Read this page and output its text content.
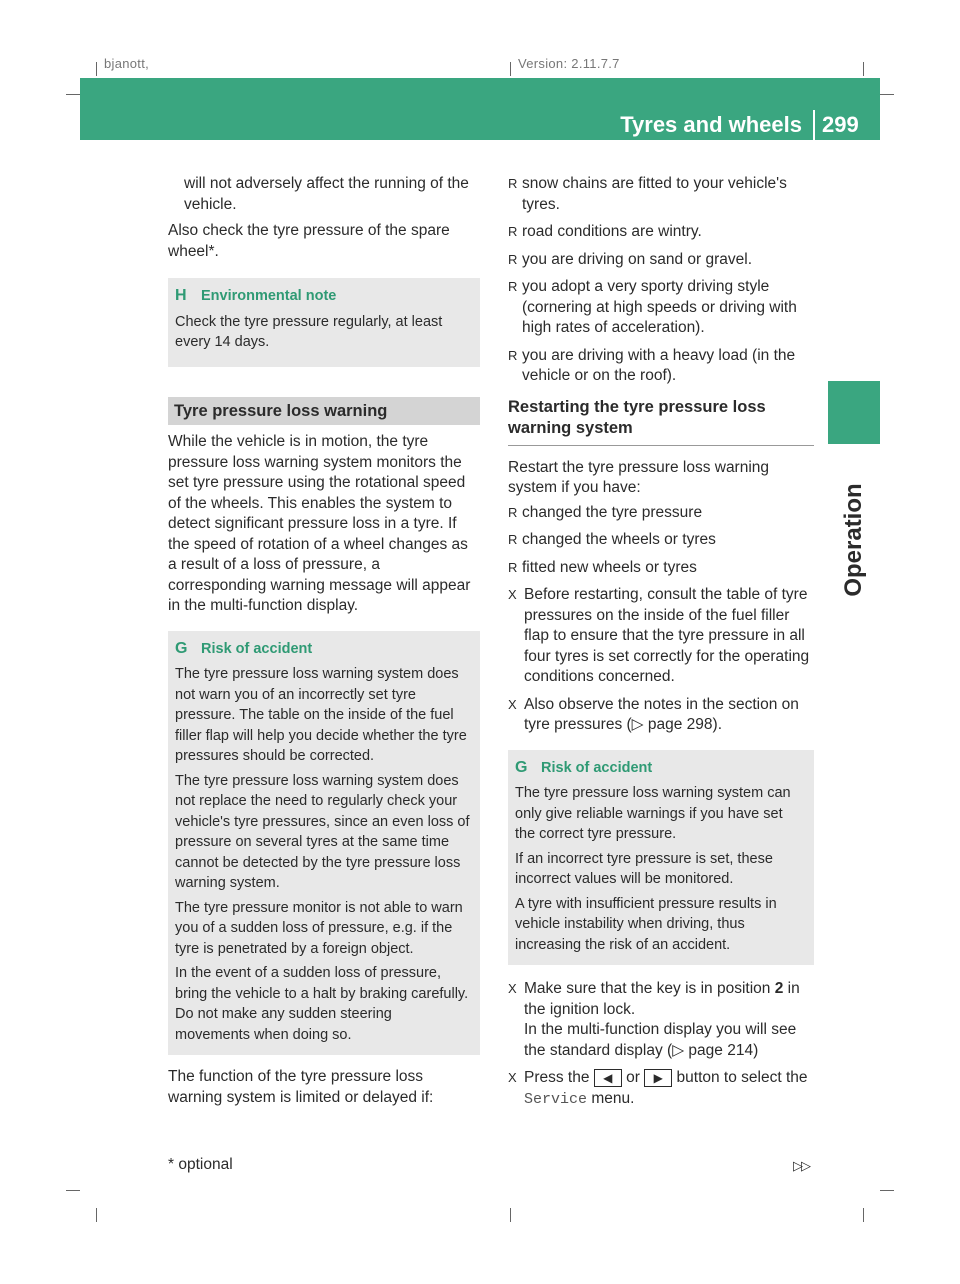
bjanott,	Version: 2.11.7.7
Tyres and wheels 299
Operation

will not adversely affect the running of the vehicle.

Also check the tyre pressure of the spare wheel*.

H Environmental note

Check the tyre pressure regularly, at least every 14 days.

Tyre pressure loss warning

While the vehicle is in motion, the tyre pressure loss warning system monitors the set tyre pressure using the rotational speed of the wheels. This enables the system to detect significant pressure loss in a tyre. If the speed of rotation of a wheel changes as a result of a loss of pressure, a corresponding warning message will appear in the multi-function display.

G Risk of accident

The tyre pressure loss warning system does not warn you of an incorrectly set tyre pressure. The table on the inside of the fuel filler flap will help you decide whether the tyre pressures should be corrected.

The tyre pressure loss warning system does not replace the need to regularly check your vehicle's tyre pressures, since an even loss of pressure on several tyres at the same time cannot be detected by the tyre pressure loss warning system.

The tyre pressure monitor is not able to warn you of a sudden loss of pressure, e.g. if the tyre is penetrated by a foreign object.

In the event of a sudden loss of pressure, bring the vehicle to a halt by braking carefully. Do not make any sudden steering movements when doing so.

The function of the tyre pressure loss warning system is limited or delayed if:

R snow chains are fitted to your vehicle's tyres.
R road conditions are wintry.
R you are driving on sand or gravel.
R you adopt a very sporty driving style (cornering at high speeds or driving with high rates of acceleration).
R you are driving with a heavy load (in the vehicle or on the roof).
Restarting the tyre pressure loss warning system

Restart the tyre pressure loss warning system if you have:

R changed the tyre pressure
R changed the wheels or tyres
R fitted new wheels or tyres
X Before restarting, consult the table of tyre pressures on the inside of the fuel filler flap to ensure that the tyre pressure in all four tyres is set correctly for the operating conditions concerned.
X Also observe the notes in the section on tyre pressures (▷ page 298).
G Risk of accident

The tyre pressure loss warning system can only give reliable warnings if you have set the correct tyre pressure.

If an incorrect tyre pressure is set, these incorrect values will be monitored.

A tyre with insufficient pressure results in vehicle instability when driving, thus increasing the risk of an accident.

X Make sure that the key is in position 2 in the ignition lock.
In the multi-function display you will see the standard display (▷ page 214)
X Press the ◀ or ▶ button to select the Service menu.
* optional	▷▷
